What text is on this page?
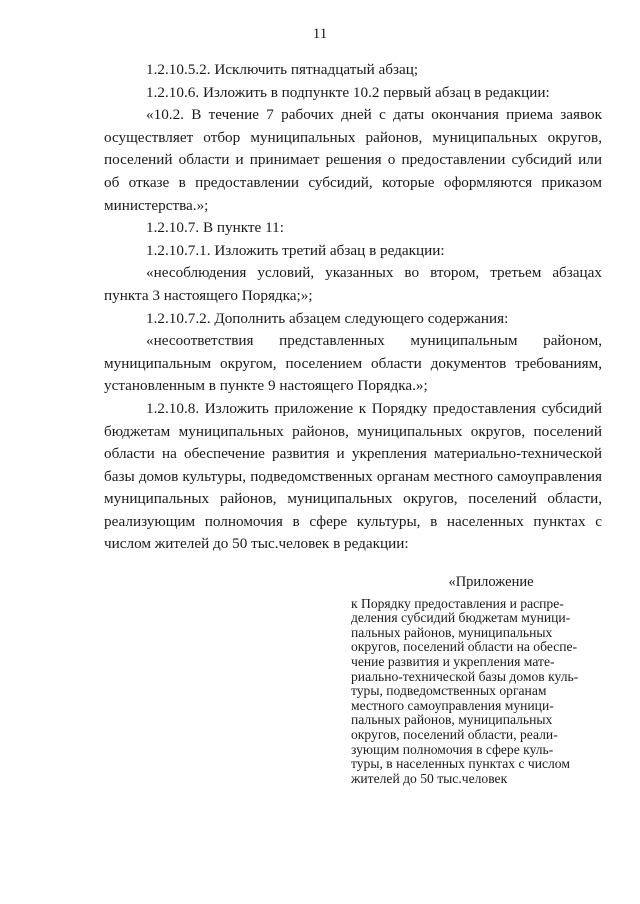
11

1.2.10.5.2. Исключить пятнадцатый абзац;

1.2.10.6. Изложить в подпункте 10.2 первый абзац в редакции:

«10.2. В течение 7 рабочих дней с даты окончания приема заявок осуществляет отбор муниципальных районов, муниципальных округов, поселений области и принимает решения о предоставлении субсидий или об отказе в предоставлении субсидий, которые оформляются приказом министерства.»;

1.2.10.7. В пункте 11:

1.2.10.7.1. Изложить третий абзац в редакции:

«несоблюдения условий, указанных во втором, третьем абзацах пункта 3 настоящего Порядка;»;

1.2.10.7.2. Дополнить абзацем следующего содержания:

«несоответствия представленных муниципальным районом, муниципальным округом, поселением области документов требованиям, установленным в пункте 9 настоящего Порядка.»;

1.2.10.8. Изложить приложение к Порядку предоставления субсидий бюджетам муниципальных районов, муниципальных округов, поселений области на обеспечение развития и укрепления материально-технической базы домов культуры, подведомственных органам местного самоуправления муниципальных районов, муниципальных округов, поселений области, реализующим полномочия в сфере культуры, в населенных пунктах с числом жителей до 50 тыс.человек в редакции:

«Приложение
к Порядку предоставления и распре-
деления субсидий бюджетам муници-
пальных районов, муниципальных
округов, поселений области на обеспе-
чение развития и укрепления мате-
риально-технической базы домов куль-
туры, подведомственных органам
местного самоуправления муници-
пальных районов, муниципальных
округов, поселений области, реали-
зующим полномочия в сфере куль-
туры, в населенных пунктах с числом
жителей до 50 тыс.человек
